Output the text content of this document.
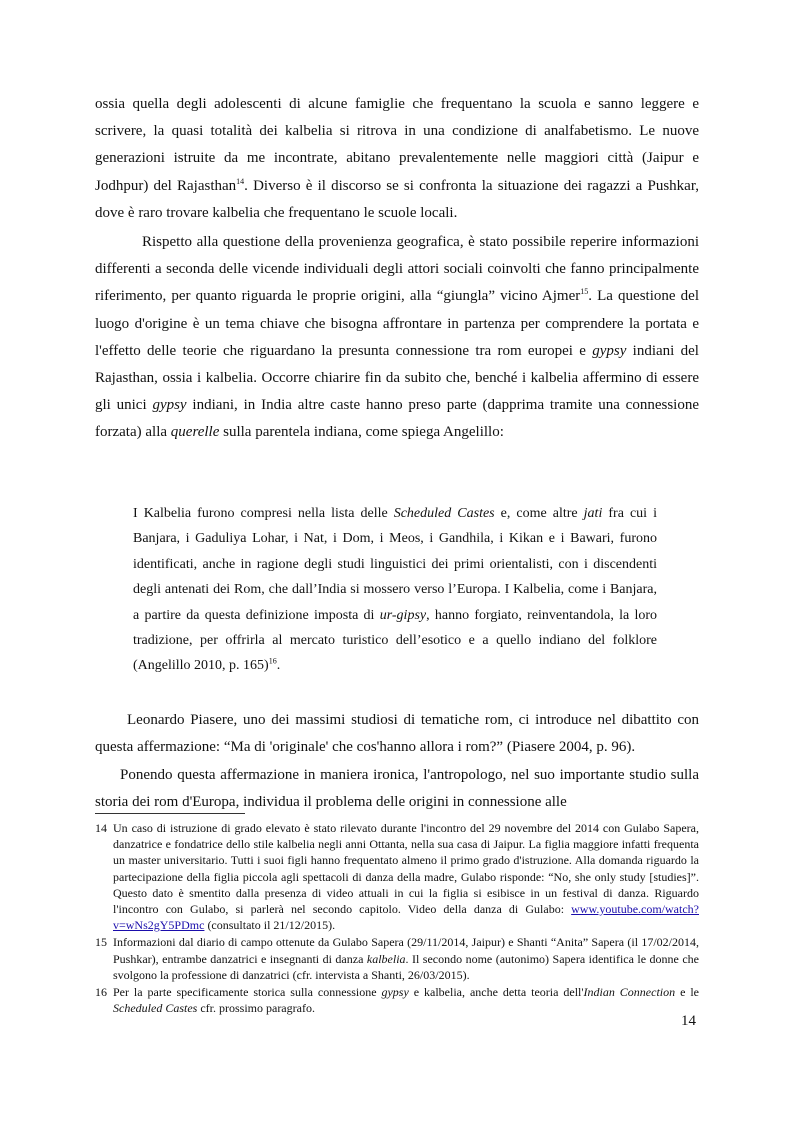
ossia quella degli adolescenti di alcune famiglie che frequentano la scuola e sanno leggere e scrivere, la quasi totalità dei kalbelia si ritrova in una condizione di analfabetismo. Le nuove generazioni istruite da me incontrate, abitano prevalentemente nelle maggiori città (Jaipur e Jodhpur) del Rajasthan$^{14}$. Diverso è il discorso se si confronta la situazione dei ragazzi a Pushkar, dove è raro trovare kalbelia che frequentano le scuole locali.

Rispetto alla questione della provenienza geografica, è stato possibile reperire informazioni differenti a seconda delle vicende individuali degli attori sociali coinvolti che fanno principalmente riferimento, per quanto riguarda le proprie origini, alla “giungla” vicino Ajmer$^{15}$. La questione del luogo d'origine è un tema chiave che bisogna affrontare in partenza per comprendere la portata e l'effetto delle teorie che riguardano la presunta connessione tra rom europei e gypsy indiani del Rajasthan, ossia i kalbelia. Occorre chiarire fin da subito che, benché i kalbelia affermino di essere gli unici gypsy indiani, in India altre caste hanno preso parte (dapprima tramite una connessione forzata) alla querelle sulla parentela indiana, come spiega Angelillo:

I Kalbelia furono compresi nella lista delle Scheduled Castes e, come altre jati fra cui i Banjara, i Gaduliya Lohar, i Nat, i Dom, i Meos, i Gandhila, i Kikan e i Bawari, furono identificati, anche in ragione degli studi linguistici dei primi orientalisti, con i discendenti degli antenati dei Rom, che dall’India si mossero verso l’Europa. I Kalbelia, come i Banjara, a partire da questa definizione imposta di ur-gipsy, hanno forgiato, reinventandola, la loro tradizione, per offrirla al mercato turistico dell’esotico e a quello indiano del folklore (Angelillo 2010, p. 165)$^{16}$.

Leonardo Piasere, uno dei massimi studiosi di tematiche rom, ci introduce nel dibattito con questa affermazione: “Ma di 'originale' che cos'hanno allora i rom?” (Piasere 2004, p. 96).

Ponendo questa affermazione in maniera ironica, l'antropologo, nel suo importante studio sulla storia dei rom d'Europa, individua il problema delle origini in connessione alle

14 Un caso di istruzione di grado elevato è stato rilevato durante l'incontro del 29 novembre del 2014 con Gulabo Sapera, danzatrice e fondatrice dello stile kalbelia negli anni Ottanta, nella sua casa di Jaipur. La figlia maggiore infatti frequenta un master universitario. Tutti i suoi figli hanno frequentato almeno il primo grado d'istruzione. Alla domanda riguardo la partecipazione della figlia piccola agli spettacoli di danza della madre, Gulabo risponde: “No, she only study [studies]”. Questo dato è smentito dalla presenza di video attuali in cui la figlia si esibisce in un festival di danza. Riguardo l'incontro con Gulabo, si parlerà nel secondo capitolo. Video della danza di Gulabo: www.youtube.com/watch?v=wNs2gY5PDmc (consultato il 21/12/2015).
15 Informazioni dal diario di campo ottenute da Gulabo Sapera (29/11/2014, Jaipur) e Shanti “Anita” Sapera (il 17/02/2014, Pushkar), entrambe danzatrici e insegnanti di danza kalbelia. Il secondo nome (autonimo) Sapera identifica le donne che svolgono la professione di danzatrici (cfr. intervista a Shanti, 26/03/2015).
16 Per la parte specificamente storica sulla connessione gypsy e kalbelia, anche detta teoria dell'Indian Connection e le Scheduled Castes cfr. prossimo paragrafo.
14
